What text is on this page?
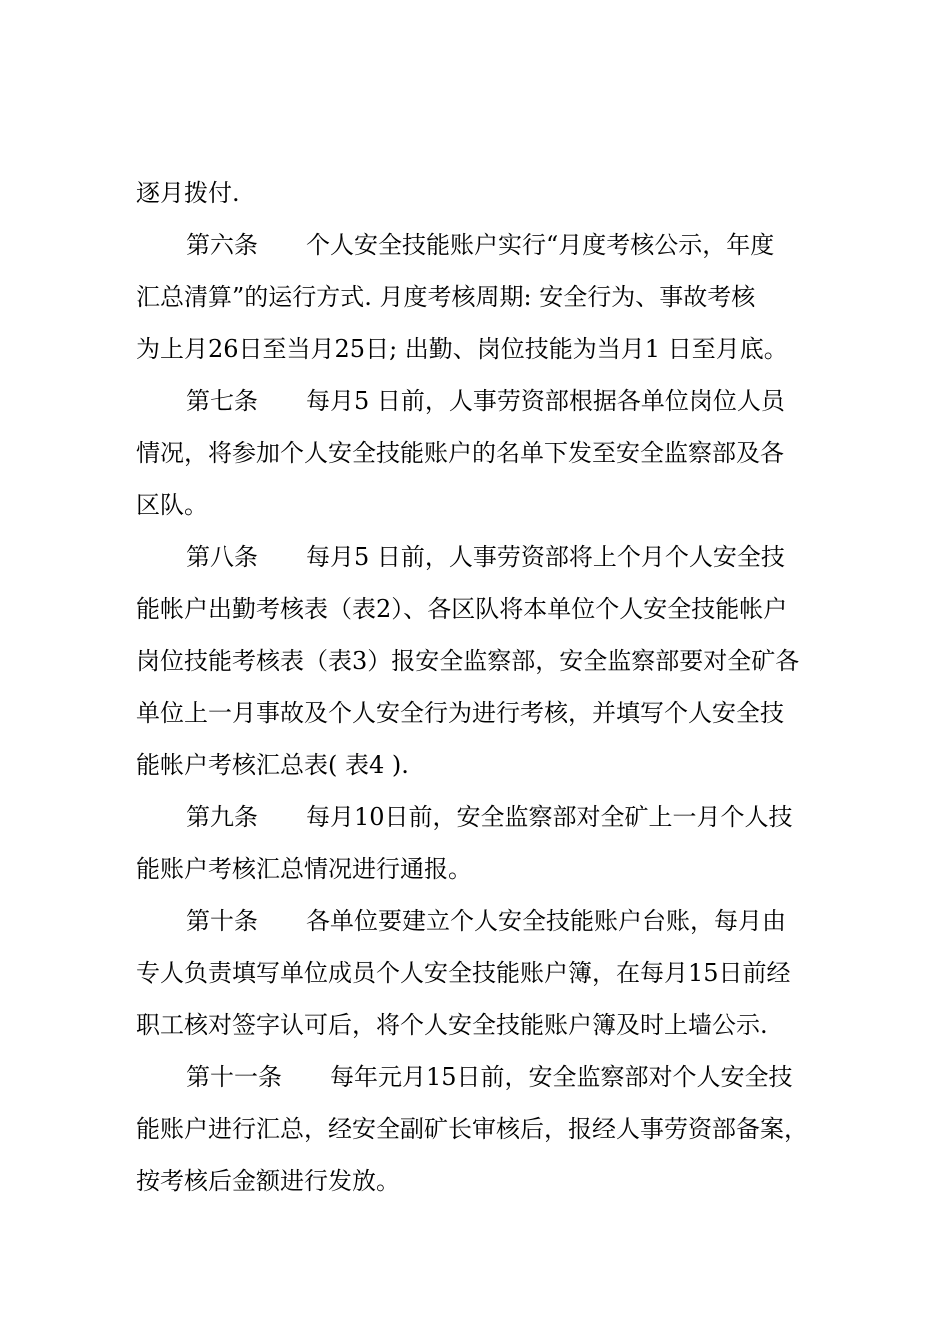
逐月拨付.
第六条　　个人安全技能账户实行“月度考核公示，年度
汇总清算”的运行方式. 月度考核周期: 安全行为、事故考核
为上月26日至当月25日; 出勤、岗位技能为当月1 日至月底。
第七条　　每月5 日前，人事劳资部根据各单位岗位人员
情况，将参加个人安全技能账户的名单下发至安全监察部及各
区队。
第八条　　每月5 日前，人事劳资部将上个月个人安全技
能帐户出勤考核表（表2）、各区队将本单位个人安全技能帐户
岗位技能考核表（表3）报安全监察部，安全监察部要对全矿各
单位上一月事故及个人安全行为进行考核，并填写个人安全技
能帐户考核汇总表( 表4 ).
第九条　　每月10日前，安全监察部对全矿上一月个人技
能账户考核汇总情况进行通报。
第十条　　各单位要建立个人安全技能账户台账，每月由
专人负责填写单位成员个人安全技能账户簿，在每月15日前经
职工核对签字认可后，将个人安全技能账户簿及时上墙公示.
第十一条　　每年元月15日前，安全监察部对个人安全技
能账户进行汇总，经安全副矿长审核后，报经人事劳资部备案，
按考核后金额进行发放。
